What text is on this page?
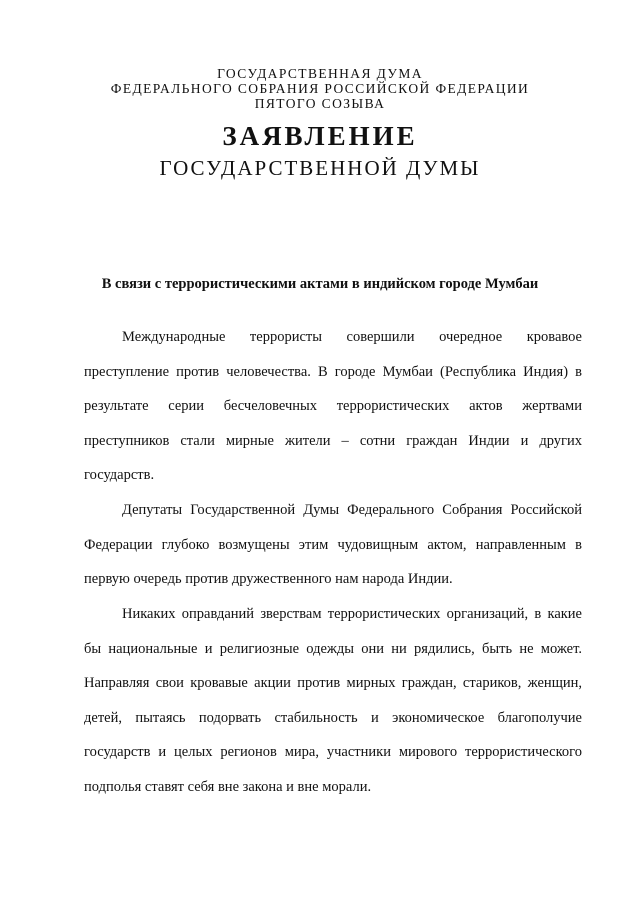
ГОСУДАРСТВЕННАЯ ДУМА
ФЕДЕРАЛЬНОГО СОБРАНИЯ РОССИЙСКОЙ ФЕДЕРАЦИИ
ПЯТОГО СОЗЫВА
ЗАЯВЛЕНИЕ
ГОСУДАРСТВЕННОЙ ДУМЫ
В связи с террористическими актами в индийском городе Мумбаи

Международные террористы совершили очередное кровавое преступление против человечества. В городе Мумбаи (Республика Индия) в результате серии бесчеловечных террористических актов жертвами преступников стали мирные жители – сотни граждан Индии и других государств.

Депутаты Государственной Думы Федерального Собрания Российской Федерации глубоко возмущены этим чудовищным актом, направленным в первую очередь против дружественного нам народа Индии.

Никаких оправданий зверствам террористических организаций, в какие бы национальные и религиозные одежды они ни рядились, быть не может. Направляя свои кровавые акции против мирных граждан, стариков, женщин, детей, пытаясь подорвать стабильность и экономическое благополучие государств и целых регионов мира, участники мирового террористического подполья ставят себя вне закона и вне морали.
